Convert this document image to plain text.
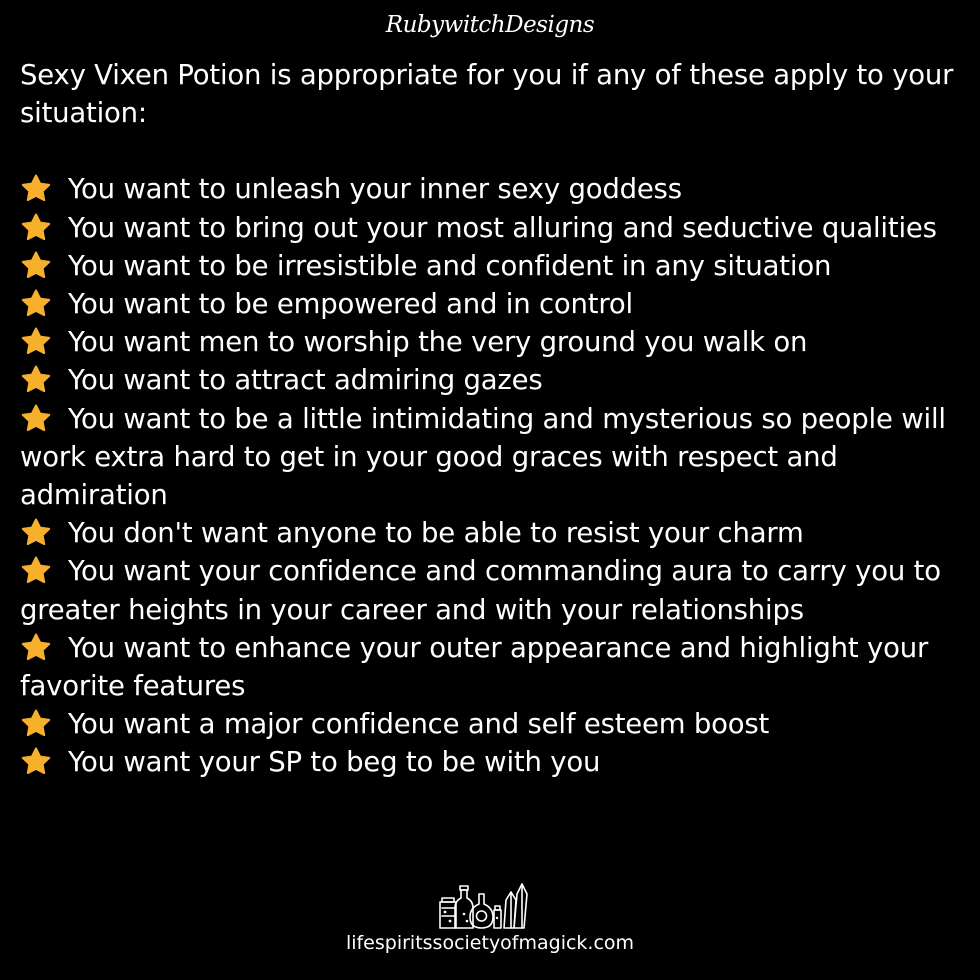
RubywitchDesigns

Sexy Vixen Potion is appropriate for you if any of these apply to your situation:

You want to unleash your inner sexy goddess
You want to bring out your most alluring and seductive qualities
You want to be irresistible and confident in any situation
You want to be empowered and in control
You want men to worship the very ground you walk on
You want to attract admiring gazes
You want to be a little intimidating and mysterious so people will work extra hard to get in your good graces with respect and admiration
You don't want anyone to be able to resist your charm
You want your confidence and commanding aura to carry you to greater heights in your career and with your relationships
You want to enhance your outer appearance and highlight your favorite features
You want a major confidence and self esteem boost
You want your SP to beg to be with you
lifespiritssocietyofmagick.com
